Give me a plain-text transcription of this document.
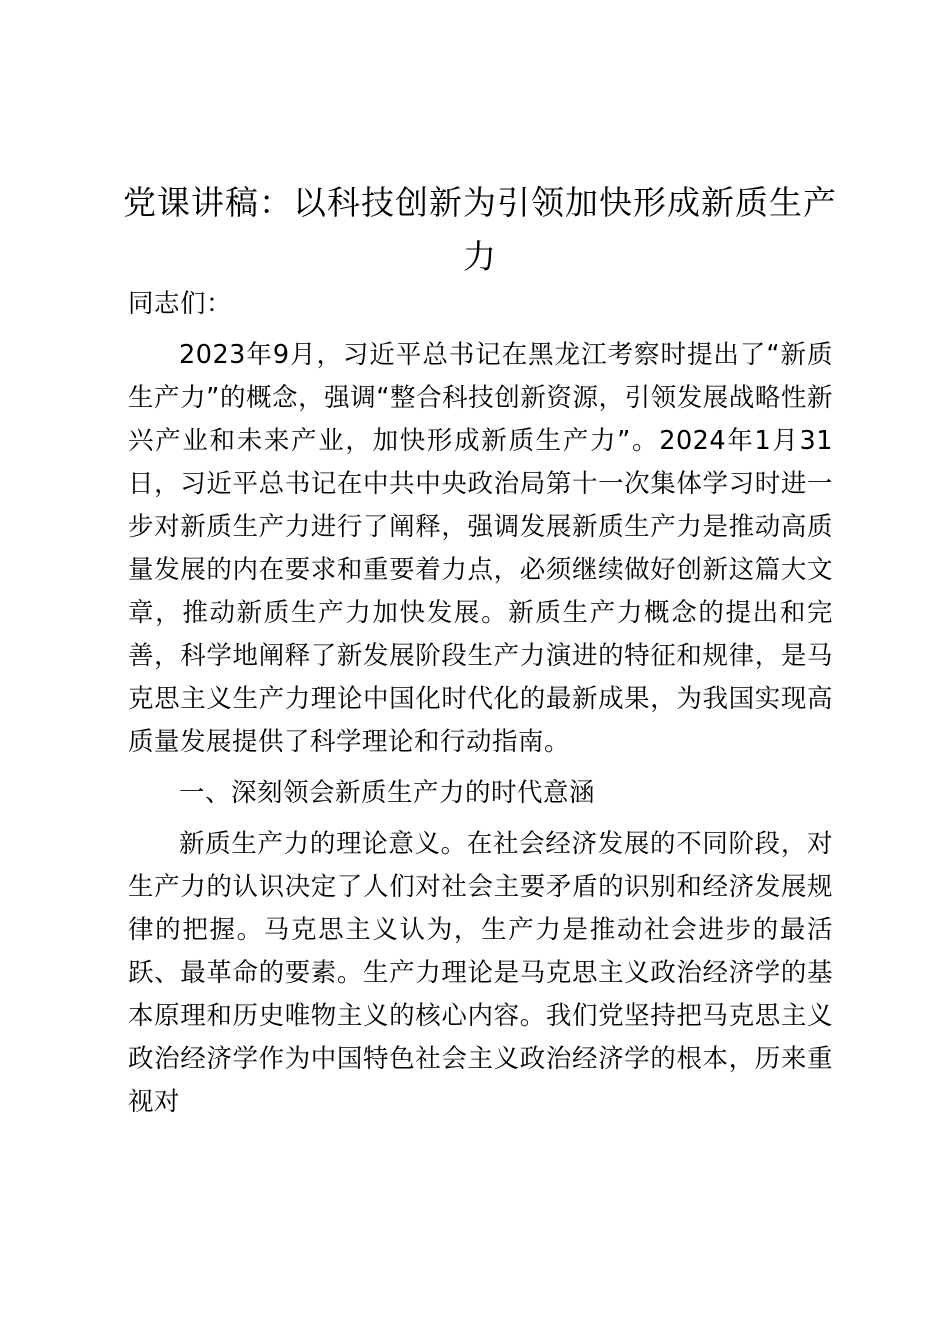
党课讲稿：以科技创新为引领加快形成新质生产力

同志们：

2023年9月，习近平总书记在黑龙江考察时提出了“新质生产力”的概念，强调“整合科技创新资源，引领发展战略性新兴产业和未来产业，加快形成新质生产力”。2024年1月31日，习近平总书记在中共中央政治局第十一次集体学习时进一步对新质生产力进行了阐释，强调发展新质生产力是推动高质量发展的内在要求和重要着力点，必须继续做好创新这篇大文章，推动新质生产力加快发展。新质生产力概念的提出和完善，科学地阐释了新发展阶段生产力演进的特征和规律，是马克思主义生产力理论中国化时代化的最新成果，为我国实现高质量发展提供了科学理论和行动指南。

一、深刻领会新质生产力的时代意涵

新质生产力的理论意义。在社会经济发展的不同阶段，对生产力的认识决定了人们对社会主要矛盾的识别和经济发展规律的把握。马克思主义认为，生产力是推动社会进步的最活跃、最革命的要素。生产力理论是马克思主义政治经济学的基本原理和历史唯物主义的核心内容。我们党坚持把马克思主义政治经济学作为中国特色社会主义政治经济学的根本，历来重视对
